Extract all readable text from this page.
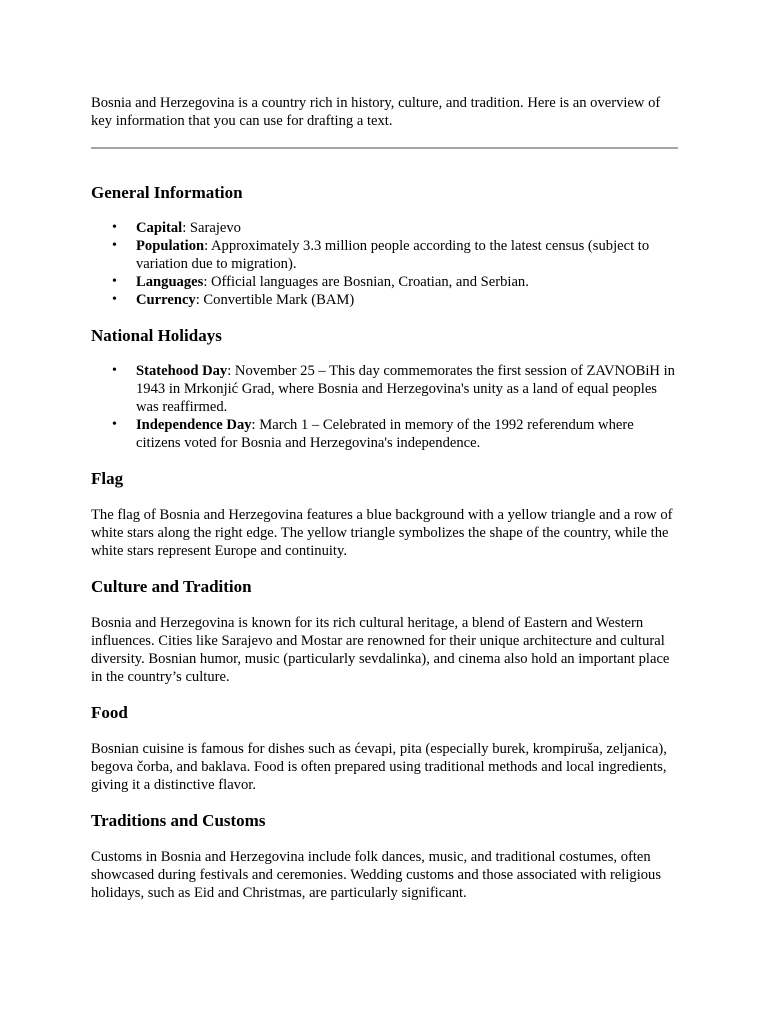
Bosnia and Herzegovina is a country rich in history, culture, and tradition. Here is an overview of key information that you can use for drafting a text.

General Information
• Capital: Sarajevo
• Population: Approximately 3.3 million people according to the latest census (subject to variation due to migration).
• Languages: Official languages are Bosnian, Croatian, and Serbian.
• Currency: Convertible Mark (BAM)
National Holidays
• Statehood Day: November 25 – This day commemorates the first session of ZAVNOBiH in 1943 in Mrkonjić Grad, where Bosnia and Herzegovina's unity as a land of equal peoples was reaffirmed.
• Independence Day: March 1 – Celebrated in memory of the 1992 referendum where citizens voted for Bosnia and Herzegovina's independence.
Flag

The flag of Bosnia and Herzegovina features a blue background with a yellow triangle and a row of white stars along the right edge. The yellow triangle symbolizes the shape of the country, while the white stars represent Europe and continuity.

Culture and Tradition

Bosnia and Herzegovina is known for its rich cultural heritage, a blend of Eastern and Western influences. Cities like Sarajevo and Mostar are renowned for their unique architecture and cultural diversity. Bosnian humor, music (particularly sevdalinka), and cinema also hold an important place in the country’s culture.

Food

Bosnian cuisine is famous for dishes such as ćevapi, pita (especially burek, krompiruša, zeljanica), begova čorba, and baklava. Food is often prepared using traditional methods and local ingredients, giving it a distinctive flavor.

Traditions and Customs

Customs in Bosnia and Herzegovina include folk dances, music, and traditional costumes, often showcased during festivals and ceremonies. Wedding customs and those associated with religious holidays, such as Eid and Christmas, are particularly significant.
